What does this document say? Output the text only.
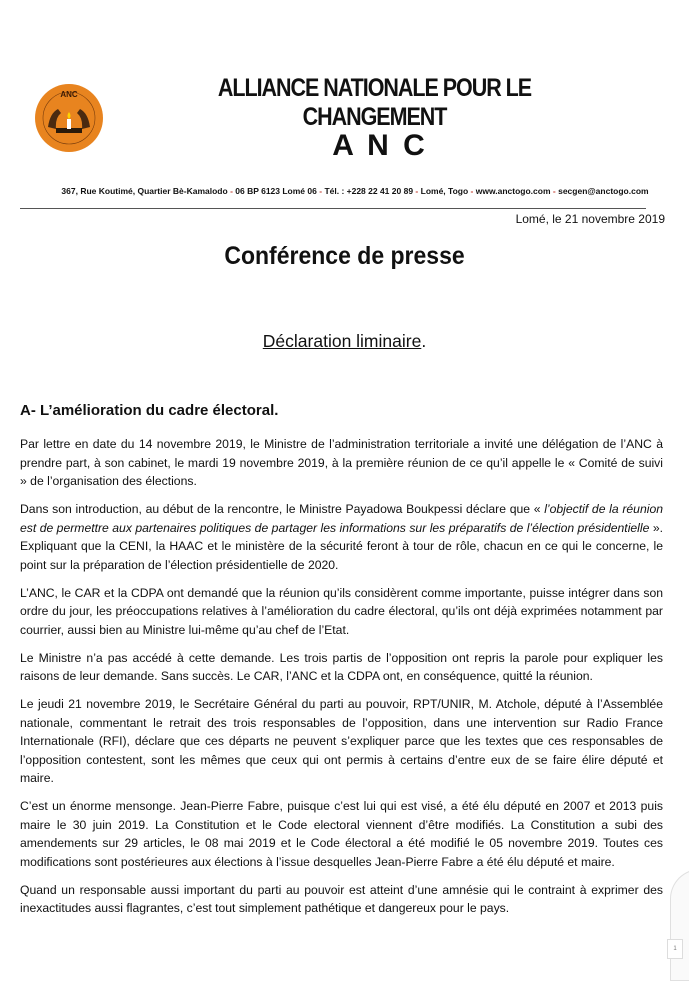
ANC	ALLIANCE NATIONALE POUR LE CHANGEMENT
A N C

367, Rue Koutimé, Quartier Bè-Kamalodo - 06 BP 6123 Lomé 06 - Tél. : +228 22 41 20 89 - Lomé, Togo - www.anctogo.com - secgen@anctogo.com

Lomé, le 21 novembre 2019

Conférence de presse

Déclaration liminaire.

A- L’amélioration du cadre électoral.

Par lettre en date du 14 novembre 2019, le Ministre de l’administration territoriale a invité une délégation de l’ANC à prendre part, à son cabinet, le mardi 19 novembre 2019, à la première réunion de ce qu’il appelle le « Comité de suivi » de l’organisation des élections.

Dans son introduction, au début de la rencontre, le Ministre Payadowa Boukpessi déclare que « l’objectif de la réunion est de permettre aux partenaires politiques de partager les informations sur les préparatifs de l’élection présidentielle ». Expliquant que la CENI, la HAAC et le ministère de la sécurité feront à tour de rôle, chacun en ce qui le concerne, le point sur la préparation de l’élection présidentielle de 2020.

L’ANC, le CAR et la CDPA ont demandé que la réunion qu’ils considèrent comme importante, puisse intégrer dans son ordre du jour, les préoccupations relatives à l’amélioration du cadre électoral, qu’ils ont déjà exprimées notamment par courrier, aussi bien au Ministre lui-même qu’au chef de l’Etat.

Le Ministre n’a pas accédé à cette demande. Les trois partis de l’opposition ont repris la parole pour expliquer les raisons de leur demande. Sans succès. Le CAR, l’ANC et la CDPA ont, en conséquence, quitté la réunion.

Le jeudi 21 novembre 2019, le Secrétaire Général du parti au pouvoir, RPT/UNIR, M. Atchole, député à l’Assemblée nationale, commentant le retrait des trois responsables de l’opposition, dans une intervention sur Radio France Internationale (RFI), déclare que ces départs ne peuvent s’expliquer parce que les textes que ces responsables de l’opposition contestent, sont les mêmes que ceux qui ont permis à certains d’entre eux de se faire élire député et maire.

C’est un énorme mensonge. Jean-Pierre Fabre, puisque c’est lui qui est visé, a été élu député en 2007 et 2013 puis maire le 30 juin 2019. La Constitution et le Code electoral viennent d’être modifiés. La Constitution a subi des amendements sur 29 articles, le 08 mai 2019 et le Code électoral a été modifié le 05 novembre 2019. Toutes ces modifications sont postérieures aux élections à l’issue desquelles Jean-Pierre Fabre a été élu député et maire.

Quand un responsable aussi important du parti au pouvoir est atteint d’une amnésie qui le contraint à exprimer des inexactitudes aussi flagrantes, c’est tout simplement pathétique et dangereux pour le pays.

1
